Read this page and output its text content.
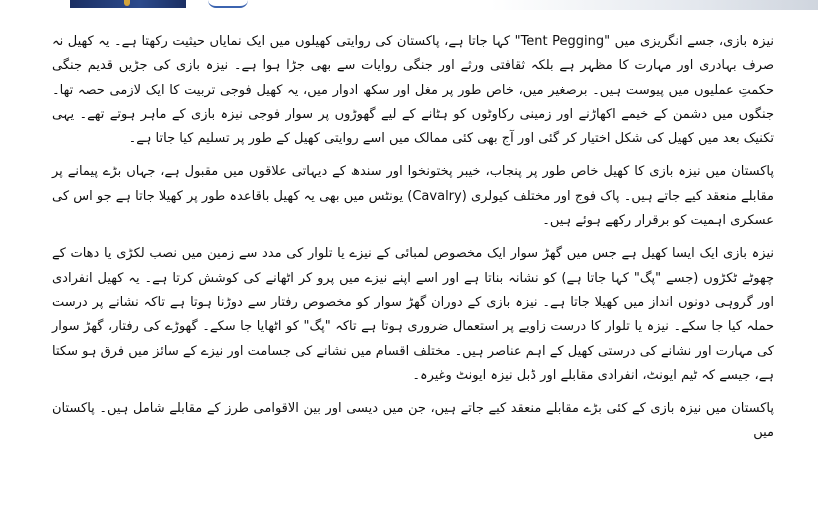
نیزہ بازی، جسے انگریزی میں "Tent Pegging" کہا جاتا ہے، پاکستان کی روایتی کھیلوں میں ایک نمایاں حیثیت رکھتا ہے۔ یہ کھیل نہ صرف بہادری اور مہارت کا مظہر ہے بلکہ ثقافتی ورثے اور جنگی روایات سے بھی جڑا ہوا ہے۔ نیزہ بازی کی جڑیں قدیم جنگی حکمتِ عملیوں میں پیوست ہیں۔ برصغیر میں، خاص طور پر مغل اور سکھ ادوار میں، یہ کھیل فوجی تربیت کا ایک لازمی حصہ تھا۔ جنگوں میں دشمن کے خیمے اکھاڑنے اور زمینی رکاوٹوں کو ہٹانے کے لیے گھوڑوں پر سوار فوجی نیزہ بازی کے ماہر ہوتے تھے۔ یہی تکنیک بعد میں کھیل کی شکل اختیار کر گئی اور آج بھی کئی ممالک میں اسے روایتی کھیل کے طور پر تسلیم کیا جاتا ہے۔

پاکستان میں نیزہ بازی کا کھیل خاص طور پر پنجاب، خیبر پختونخوا اور سندھ کے دیہاتی علاقوں میں مقبول ہے، جہاں بڑے پیمانے پر مقابلے منعقد کیے جاتے ہیں۔ پاک فوج اور مختلف کیولری (Cavalry) یونٹس میں بھی یہ کھیل باقاعدہ طور پر کھیلا جاتا ہے جو اس کی عسکری اہمیت کو برقرار رکھے ہوئے ہیں۔

نیزہ بازی ایک ایسا کھیل ہے جس میں گھڑ سوار ایک مخصوص لمبائی کے نیزے یا تلوار کی مدد سے زمین میں نصب لکڑی یا دھات کے چھوٹے ٹکڑوں (جسے "پگ" کہا جاتا ہے) کو نشانہ بناتا ہے اور اسے اپنے نیزے میں پرو کر اٹھانے کی کوشش کرتا ہے۔ یہ کھیل انفرادی اور گروہی دونوں انداز میں کھیلا جاتا ہے۔ نیزہ بازی کے دوران گھڑ سوار کو مخصوص رفتار سے دوڑنا ہوتا ہے تاکہ نشانے پر درست حملہ کیا جا سکے۔ نیزہ یا تلوار کا درست زاویے پر استعمال ضروری ہوتا ہے تاکہ "پگ" کو اٹھایا جا سکے۔ گھوڑے کی رفتار، گھڑ سوار کی مہارت اور نشانے کی درستی کھیل کے اہم عناصر ہیں۔ مختلف اقسام میں نشانے کی جسامت اور نیزے کے سائز میں فرق ہو سکتا ہے، جیسے کہ ٹیم ایونٹ، انفرادی مقابلے اور ڈبل نیزہ ایونٹ وغیرہ۔

پاکستان میں نیزہ بازی کے کئی بڑے مقابلے منعقد کیے جاتے ہیں، جن میں دیسی اور بین الاقوامی طرز کے مقابلے شامل ہیں۔ پاکستان میں
